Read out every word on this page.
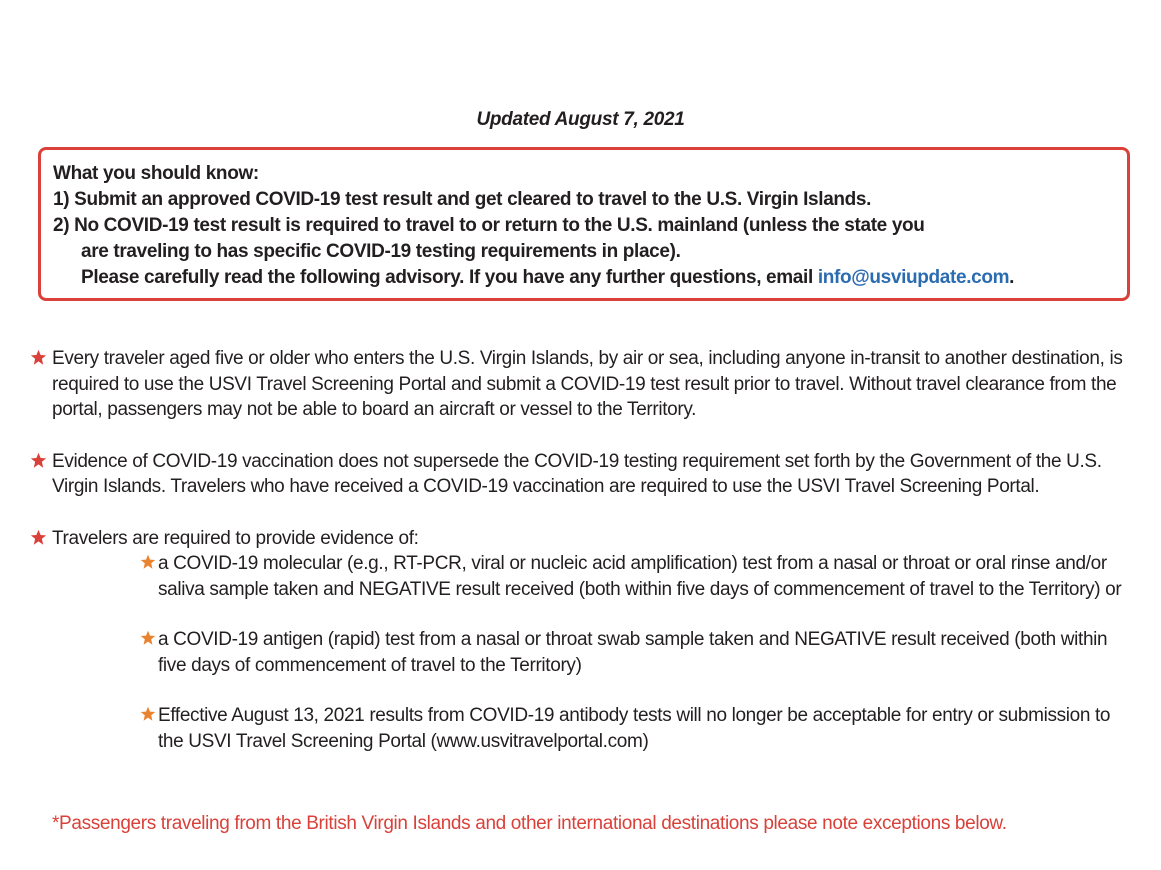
Updated August 7, 2021
What you should know:
1) Submit an approved COVID-19 test result and get cleared to travel to the U.S. Virgin Islands.
2) No COVID-19 test result is required to travel to or return to the U.S. mainland (unless the state you
are traveling to has specific COVID-19 testing requirements in place).
Please carefully read the following advisory. If you have any further questions, email info@usviupdate.com.
Every traveler aged five or older who enters the U.S. Virgin Islands, by air or sea, including anyone in-transit to another destination, is required to use the USVI Travel Screening Portal and submit a COVID-19 test result prior to travel. Without travel clearance from the portal, passengers may not be able to board an aircraft or vessel to the Territory.
Evidence of COVID-19 vaccination does not supersede the COVID-19 testing requirement set forth by the Government of the U.S. Virgin Islands. Travelers who have received a COVID-19 vaccination are required to use the USVI Travel Screening Portal.
Travelers are required to provide evidence of:
a COVID-19 molecular (e.g., RT-PCR, viral or nucleic acid amplification) test from a nasal or throat or oral rinse and/or saliva sample taken and NEGATIVE result received (both within five days of commencement of travel to the Territory) or
a COVID-19 antigen (rapid) test from a nasal or throat swab sample taken and NEGATIVE result received (both within five days of commencement of travel to the Territory)
Effective August 13, 2021 results from COVID-19 antibody tests will no longer be acceptable for entry or submission to the USVI Travel Screening Portal (www.usvitravelportal.com)
*Passengers traveling from the British Virgin Islands and other international destinations please note exceptions below.
